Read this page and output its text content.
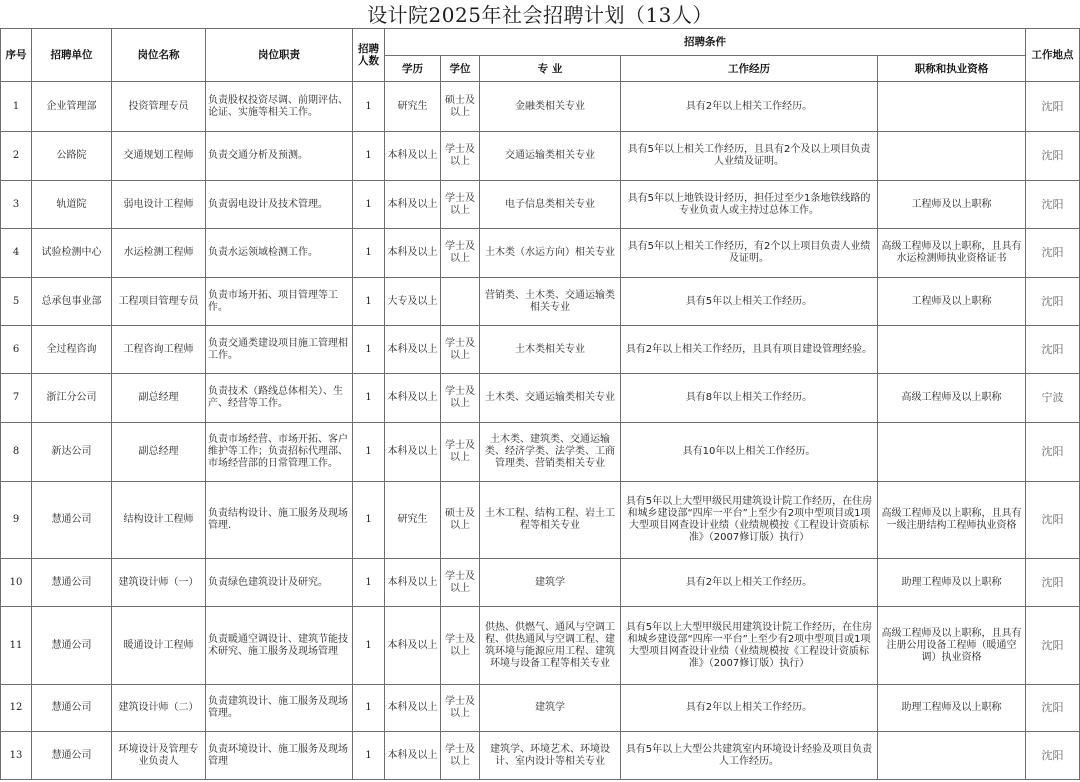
设计院2025年社会招聘计划（13人）
序号	招聘单位	岗位名称	岗位职责	招聘人数	招聘条件					工作地点
					学历	学位	专 业	工作经历	职称和执业资格	
1	企业管理部	投资管理专员	负责股权投资尽调、前期评估、论证、实施等相关工作。	1	研究生	硕士及以上	金融类相关专业	具有2年以上相关工作经历。		沈阳
2	公路院	交通规划工程师	负责交通分析及预测。	1	本科及以上	学士及以上	交通运输类相关专业	具有5年以上相关工作经历，且具有2个及以上项目负责人业绩及证明。		沈阳
3	轨道院	弱电设计工程师	负责弱电设计及技术管理。	1	本科及以上	学士及以上	电子信息类相关专业	具有5年以上地铁设计经历，担任过至少1条地铁线路的专业负责人或主持过总体工作。	工程师及以上职称	沈阳
4	试验检测中心	水运检测工程师	负责水运领域检测工作。	1	本科及以上	学士及以上	土木类（水运方向）相关专业	具有5年以上相关工作经历，有2个以上项目负责人业绩及证明。	高级工程师及以上职称，且具有水运检测师执业资格证书	沈阳
5	总承包事业部	工程项目管理专员	负责市场开拓、项目管理等工作。	1	大专及以上		营销类、土木类、交通运输类相关专业	具有5年以上相关工作经历。	工程师及以上职称	沈阳
6	全过程咨询	工程咨询工程师	负责交通类建设项目施工管理相工作。	1	本科及以上	学士及以上	土木类相关专业	具有2年以上相关工作经历，且具有项目建设管理经验。		沈阳
7	浙江分公司	副总经理	负责技术（路线总体相关）、生产、经营等工作。	1	本科及以上	学士及以上	土木类、交通运输类相关专业	具有8年以上相关工作经历。	高级工程师及以上职称	宁波
8	新达公司	副总经理	负责市场经营、市场开拓、客户维护等工作；负责招标代理部、市场经营部的日常管理工作。	1	本科及以上	学士及以上	土木类、建筑类、交通运输类、经济学类、法学类、工商管理类、营销类相关专业	具有10年以上相关工作经历。		沈阳
9	慧通公司	结构设计工程师	负责结构设计、施工服务及现场管理.	1	研究生	硕士及以上	土木工程、结构工程、岩土工程等相关专业	具有5年以上大型甲级民用建筑设计院工作经历，在住房和城乡建设部“四库一平台”上至少有2项中型项目或1项大型项目网查设计业绩（业绩规模按《工程设计资质标准》（2007修订版）执行）	高级工程师及以上职称，且具有一级注册结构工程师执业资格	沈阳
10	慧通公司	建筑设计师（一）	负责绿色建筑设计及研究。	1	本科及以上	学士及以上	建筑学	具有2年以上相关工作经历。	助理工程师及以上职称	沈阳
11	慧通公司	暖通设计工程师	负责暖通空调设计、建筑节能技术研究、施工服务及现场管理	1	本科及以上	学士及以上	供热、供燃气、通风与空调工程、供热通风与空调工程、建筑环境与能源应用工程、建筑环境与设备工程等相关专业	具有5年以上大型甲级民用建筑设计院工作经历，在住房和城乡建设部“四库一平台”上至少有2项中型项目或1项大型项目网查设计业绩（业绩规模按《工程设计资质标准》（2007修订版）执行）	高级工程师及以上职称，且具有注册公用设备工程师（暖通空调）执业资格	沈阳
12	慧通公司	建筑设计师（二）	负责建筑设计、施工服务及现场管理。	1	本科及以上	学士及以上	建筑学	具有2年以上相关工作经历。	助理工程师及以上职称	沈阳
13	慧通公司	环境设计及管理专业负责人	负责环境设计、施工服务及现场管理	1	本科及以上	学士及以上	建筑学、环境艺术、环境设计、室内设计等相关专业	具有5年以上大型公共建筑室内环境设计经验及项目负责人工作经历。		沈阳
